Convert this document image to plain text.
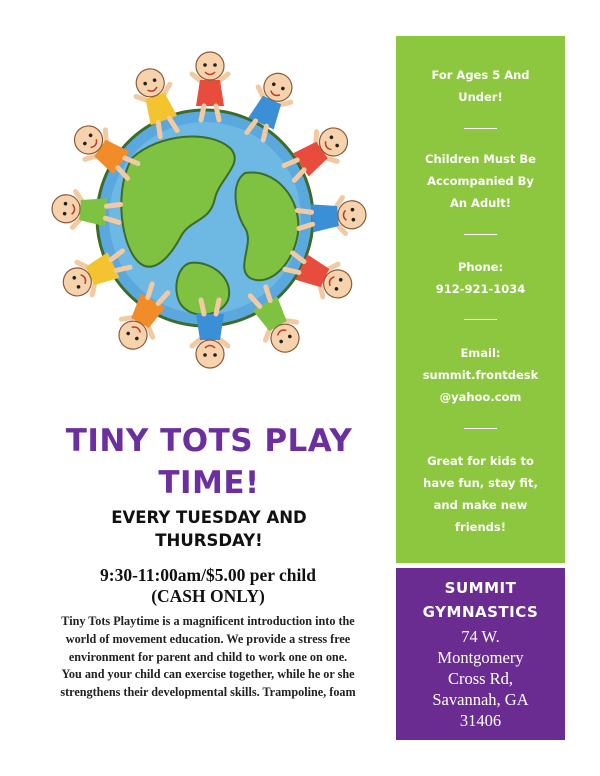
TINY TOTS PLAY
TIME!
EVERY TUESDAY AND
THURSDAY!
9:30-11:00am/$5.00 per child
(CASH ONLY)
Tiny Tots Playtime is a magnificent introduction into the
world of movement education. We provide a stress free
environment for parent and child to work one on one.
You and your child can exercise together, while he or she
strengthens their developmental skills. Trampoline, foam
For Ages 5 And
Under!
Children Must Be
Accompanied By
An Adult!
Phone:
912-921-1034
Email:
summit.frontdesk
@yahoo.com
Great for kids to
have fun, stay fit,
and make new
friends!
SUMMIT
GYMNASTICS
74 W.
Montgomery
Cross Rd,
Savannah, GA
31406
